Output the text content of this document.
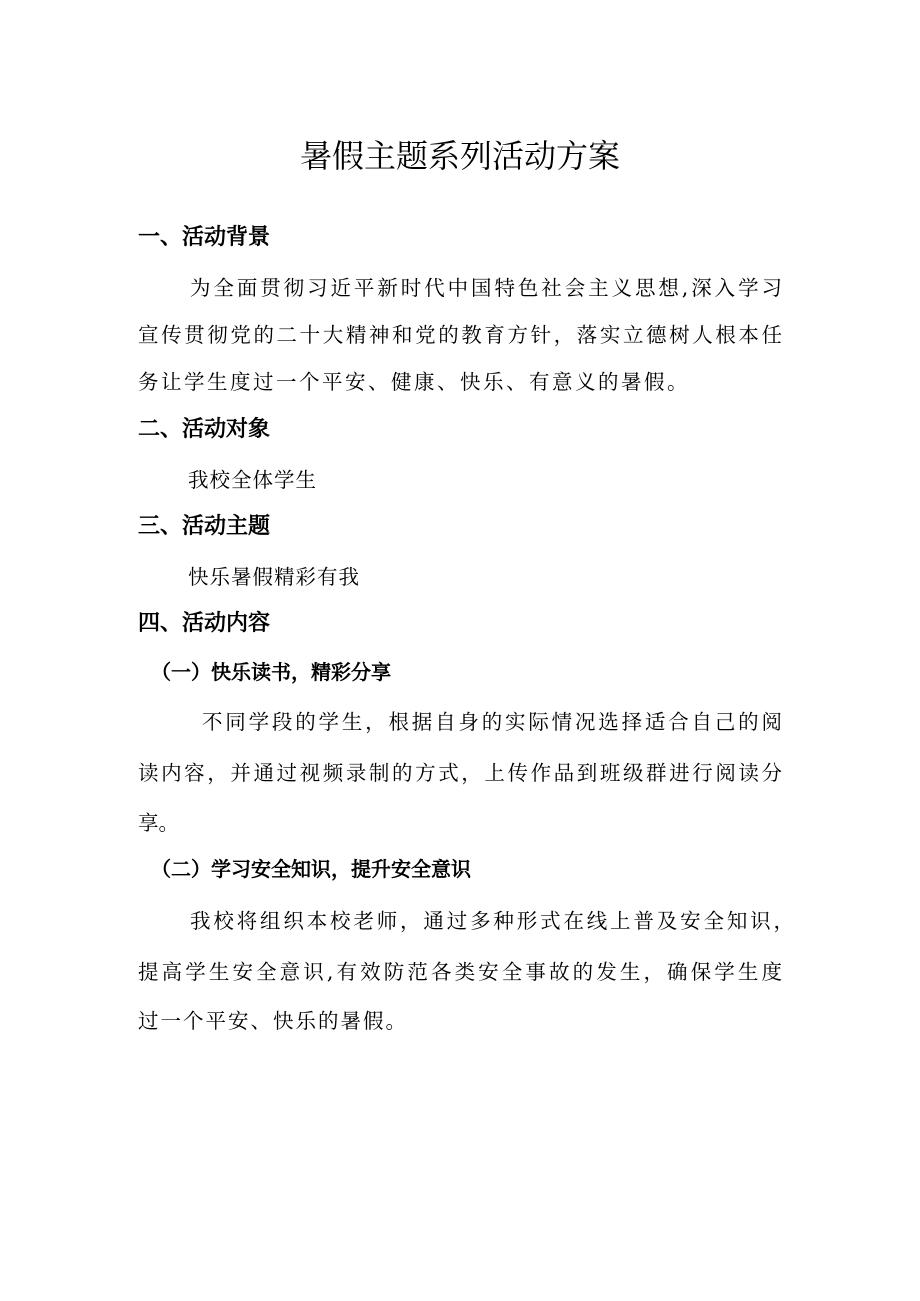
暑假主题系列活动方案
一、活动背景
为全面贯彻习近平新时代中国特色社会主义思想,深入学习
宣传贯彻党的二十大精神和党的教育方针，落实立德树人根本任
务让学生度过一个平安、健康、快乐、有意义的暑假。
二、活动对象
我校全体学生
三、活动主题
快乐暑假精彩有我
四、活动内容
（一）快乐读书，精彩分享
不同学段的学生，根据自身的实际情况选择适合自己的阅
读内容，并通过视频录制的方式，上传作品到班级群进行阅读分
享。
（二）学习安全知识，提升安全意识
我校将组织本校老师，通过多种形式在线上普及安全知识，
提高学生安全意识,有效防范各类安全事故的发生，确保学生度
过一个平安、快乐的暑假。
